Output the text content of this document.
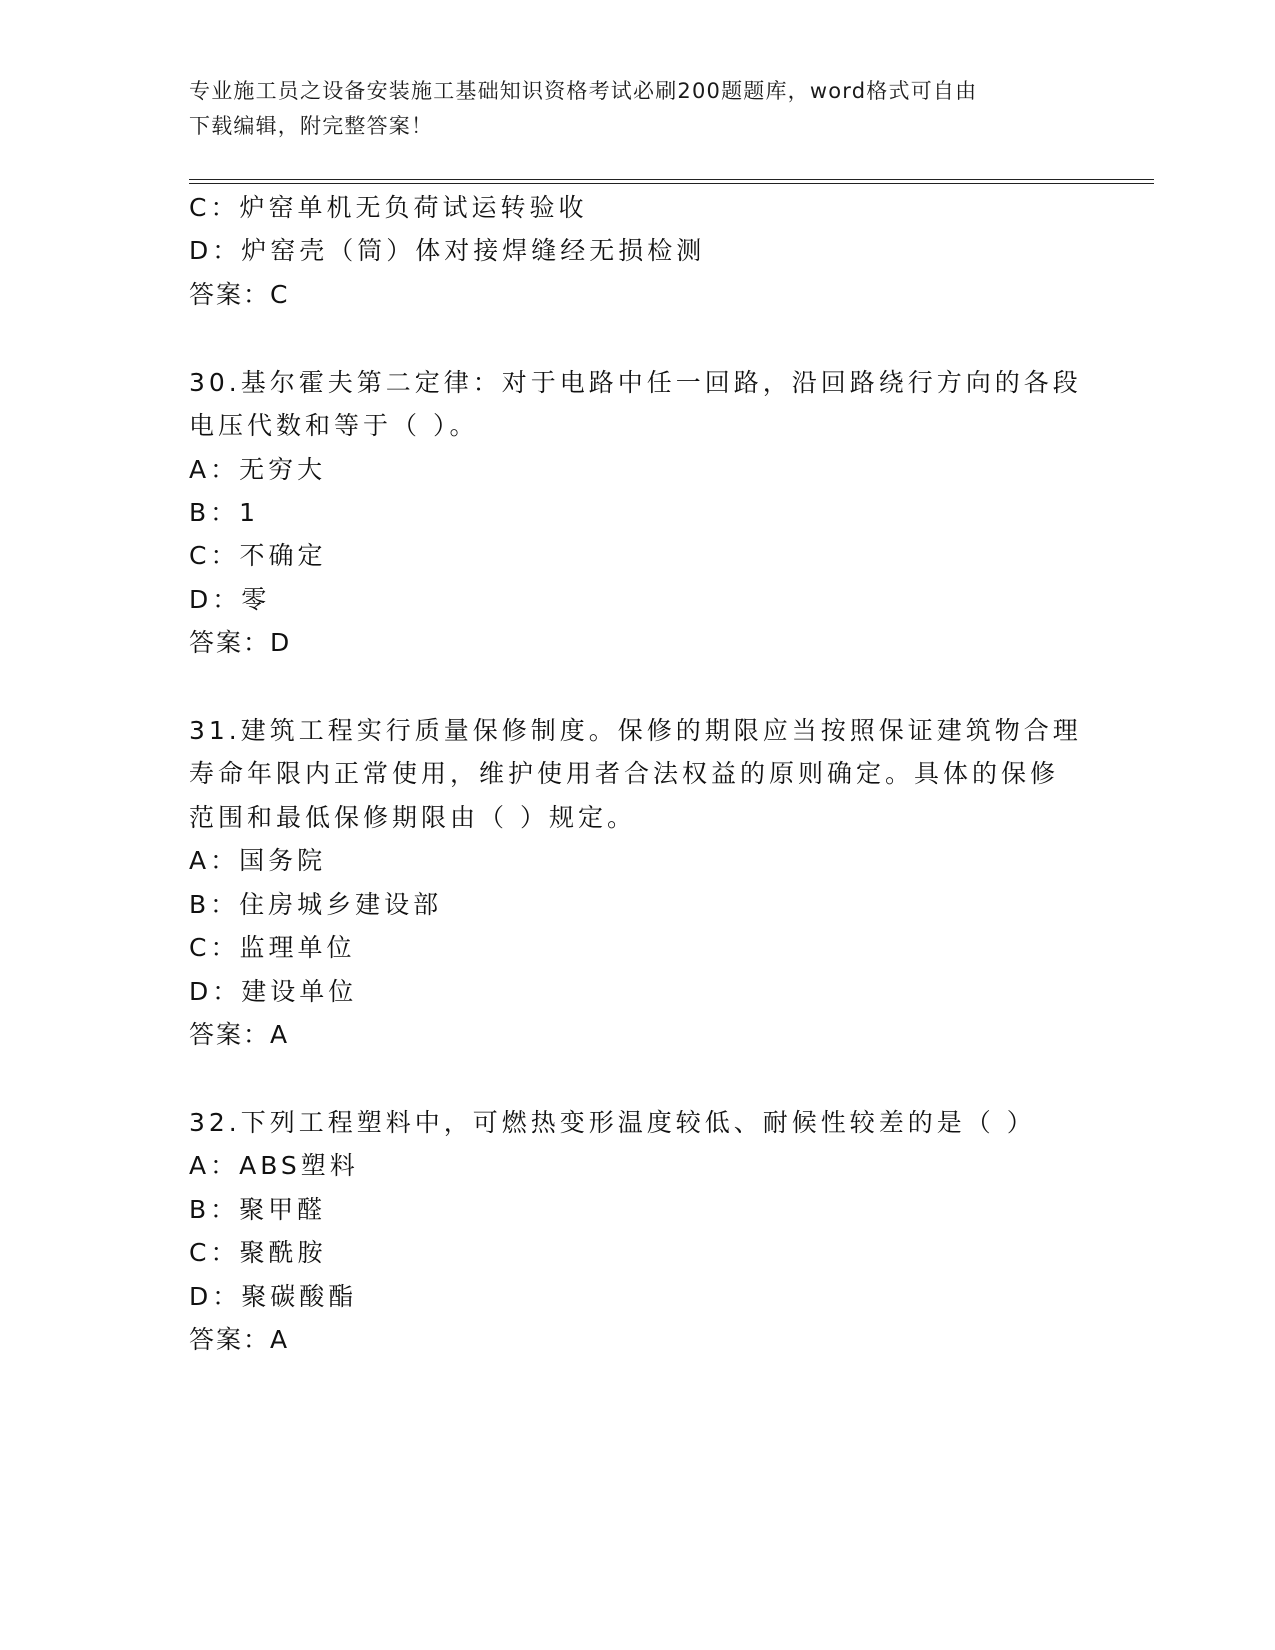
专业施工员之设备安装施工基础知识资格考试必刷200题题库，word格式可自由
下载编辑，附完整答案！
C：炉窑单机无负荷试运转验收
D：炉窑壳（筒）体对接焊缝经无损检测
答案：C
30.基尔霍夫第二定律：对于电路中任一回路，沿回路绕行方向的各段
电压代数和等于（ ）。
A：无穷大
B：1
C：不确定
D：零
答案：D
31.建筑工程实行质量保修制度。保修的期限应当按照保证建筑物合理
寿命年限内正常使用，维护使用者合法权益的原则确定。具体的保修
范围和最低保修期限由（ ）规定。
A：国务院
B：住房城乡建设部
C：监理单位
D：建设单位
答案：A
32.下列工程塑料中，可燃热变形温度较低、耐候性较差的是（ ）
A：ABS塑料
B：聚甲醛
C：聚酰胺
D：聚碳酸酯
答案：A
